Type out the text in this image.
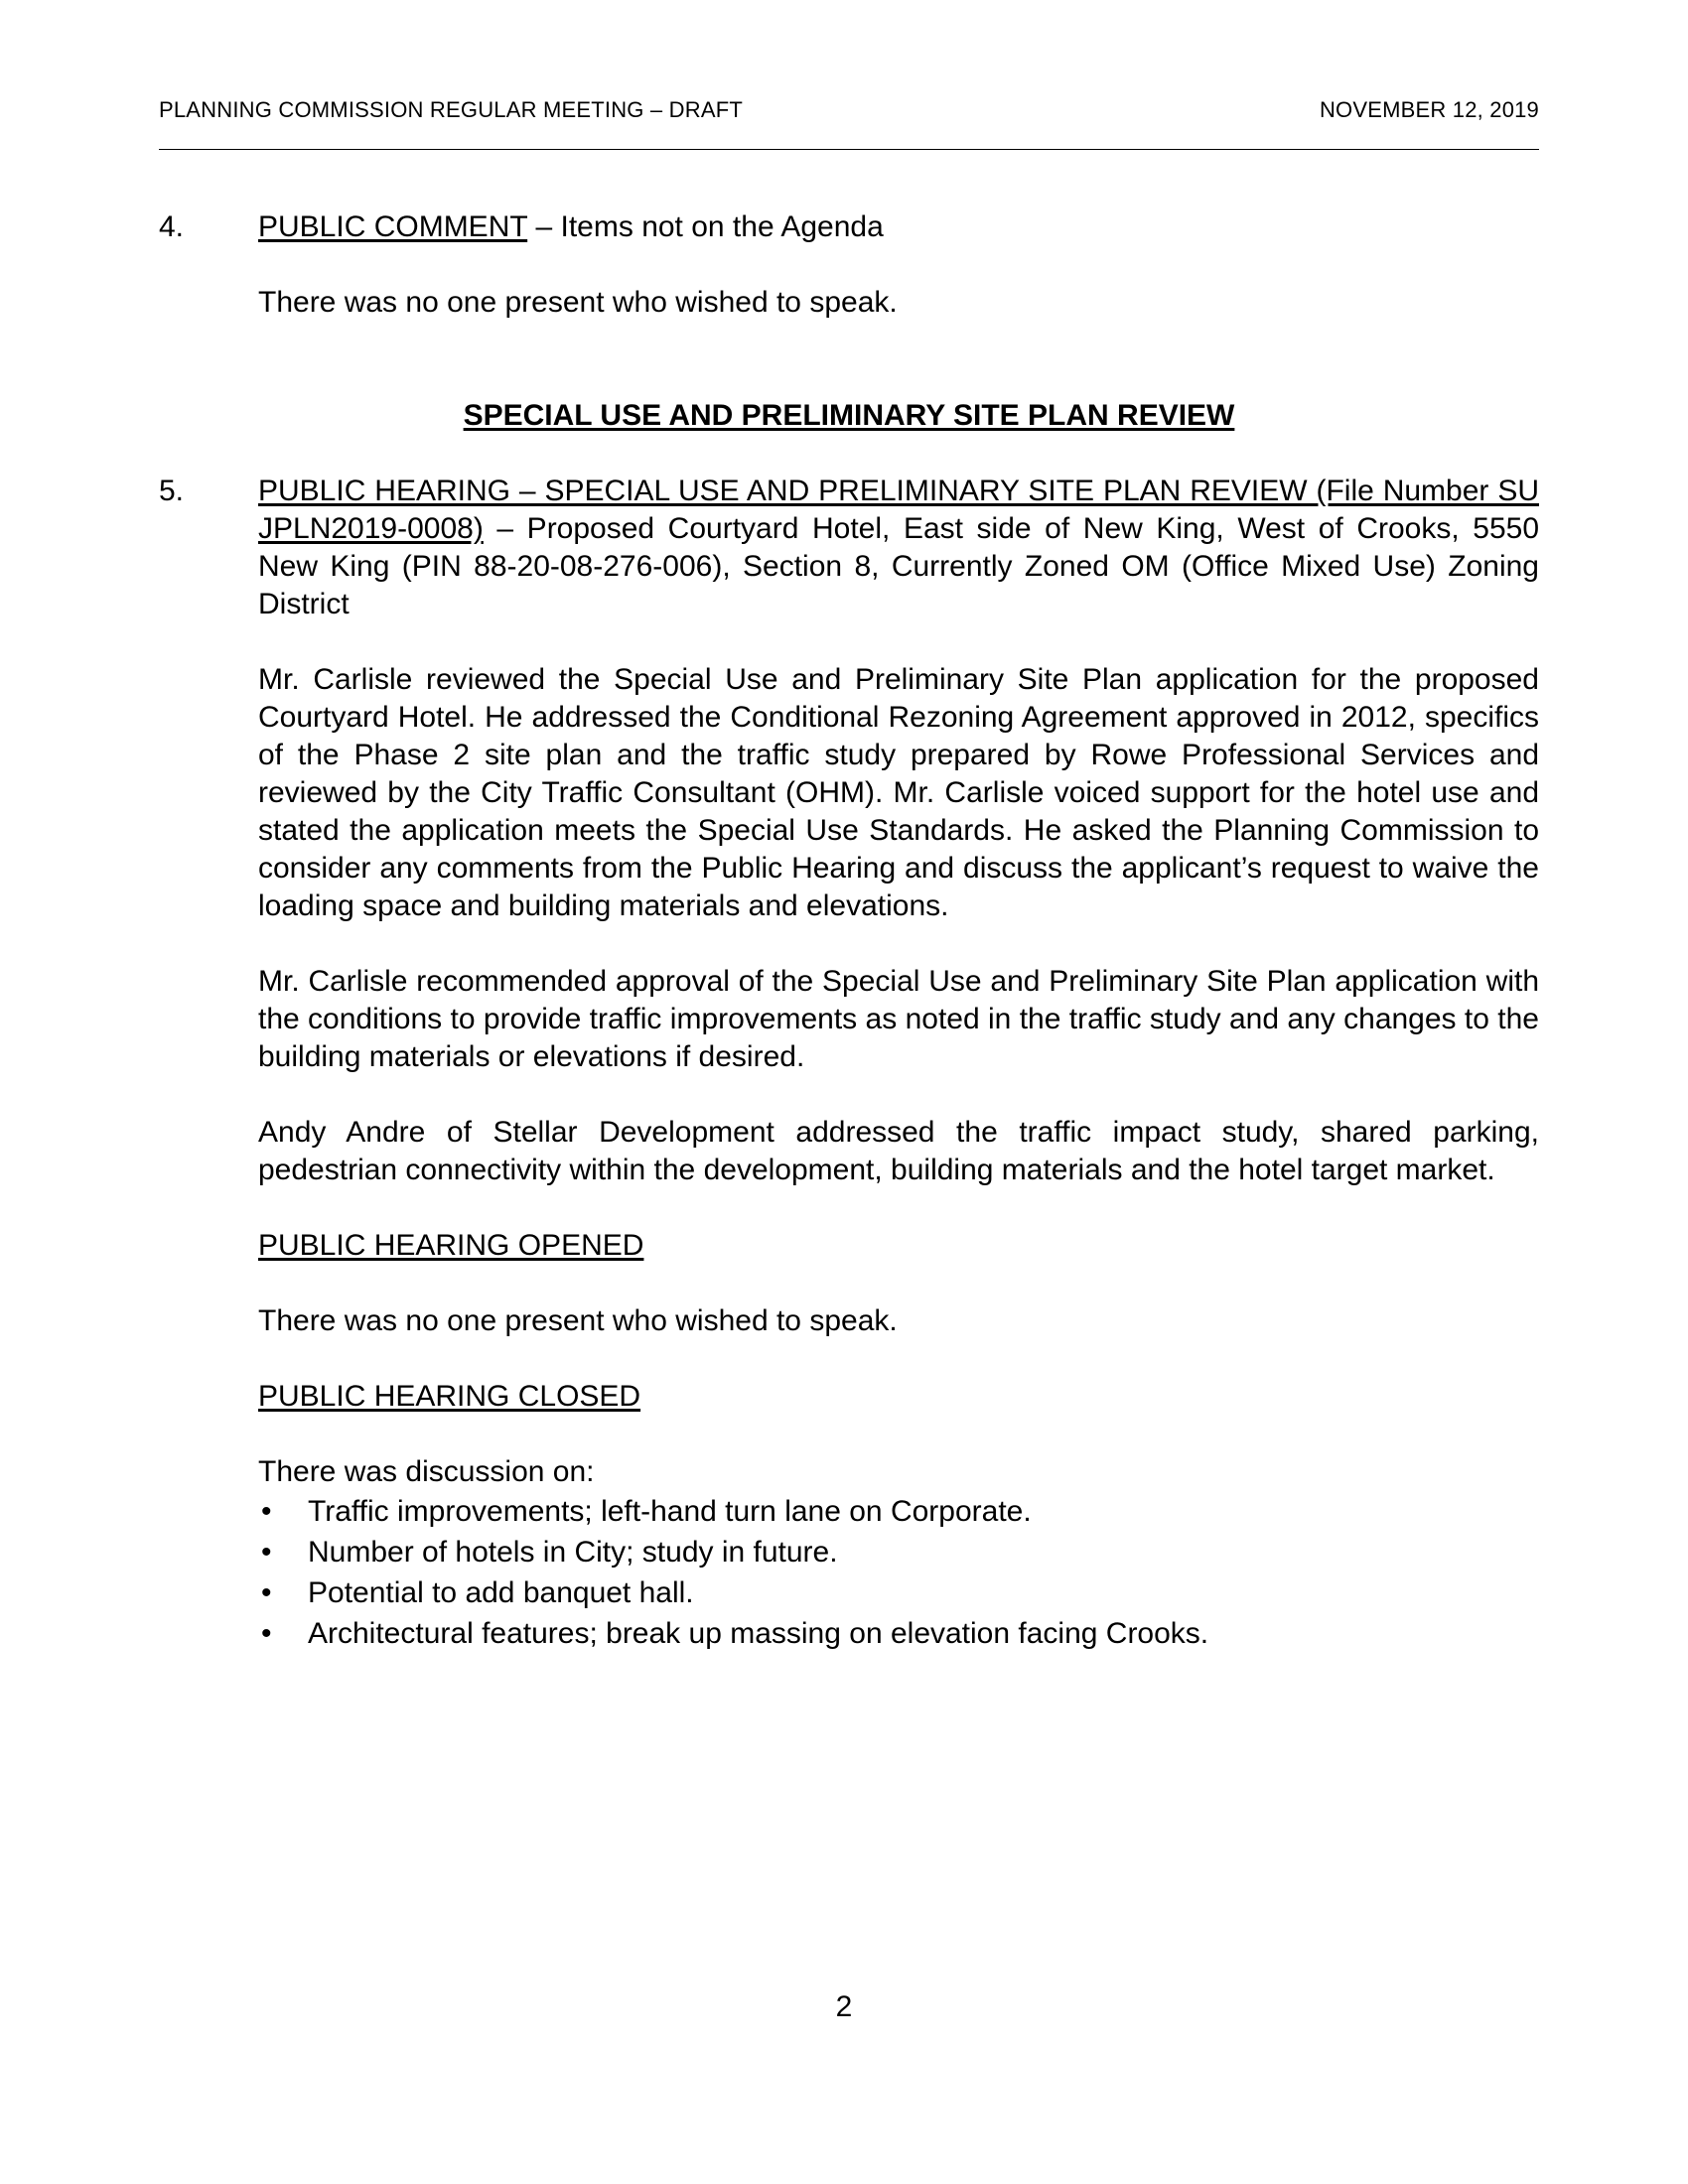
PLANNING COMMISSION REGULAR MEETING – DRAFT	NOVEMBER 12, 2019
4. PUBLIC COMMENT – Items not on the Agenda

There was no one present who wished to speak.

SPECIAL USE AND PRELIMINARY SITE PLAN REVIEW
5. PUBLIC HEARING – SPECIAL USE AND PRELIMINARY SITE PLAN REVIEW (File Number SU JPLN2019-0008) – Proposed Courtyard Hotel, East side of New King, West of Crooks, 5550 New King (PIN 88-20-08-276-006), Section 8, Currently Zoned OM (Office Mixed Use) Zoning District

Mr. Carlisle reviewed the Special Use and Preliminary Site Plan application for the proposed Courtyard Hotel. He addressed the Conditional Rezoning Agreement approved in 2012, specifics of the Phase 2 site plan and the traffic study prepared by Rowe Professional Services and reviewed by the City Traffic Consultant (OHM). Mr. Carlisle voiced support for the hotel use and stated the application meets the Special Use Standards. He asked the Planning Commission to consider any comments from the Public Hearing and discuss the applicant’s request to waive the loading space and building materials and elevations.

Mr. Carlisle recommended approval of the Special Use and Preliminary Site Plan application with the conditions to provide traffic improvements as noted in the traffic study and any changes to the building materials or elevations if desired.

Andy Andre of Stellar Development addressed the traffic impact study, shared parking, pedestrian connectivity within the development, building materials and the hotel target market.

PUBLIC HEARING OPENED

There was no one present who wished to speak.

PUBLIC HEARING CLOSED

There was discussion on:

• Traffic improvements; left-hand turn lane on Corporate.
• Number of hotels in City; study in future.
• Potential to add banquet hall.
• Architectural features; break up massing on elevation facing Crooks.
2
